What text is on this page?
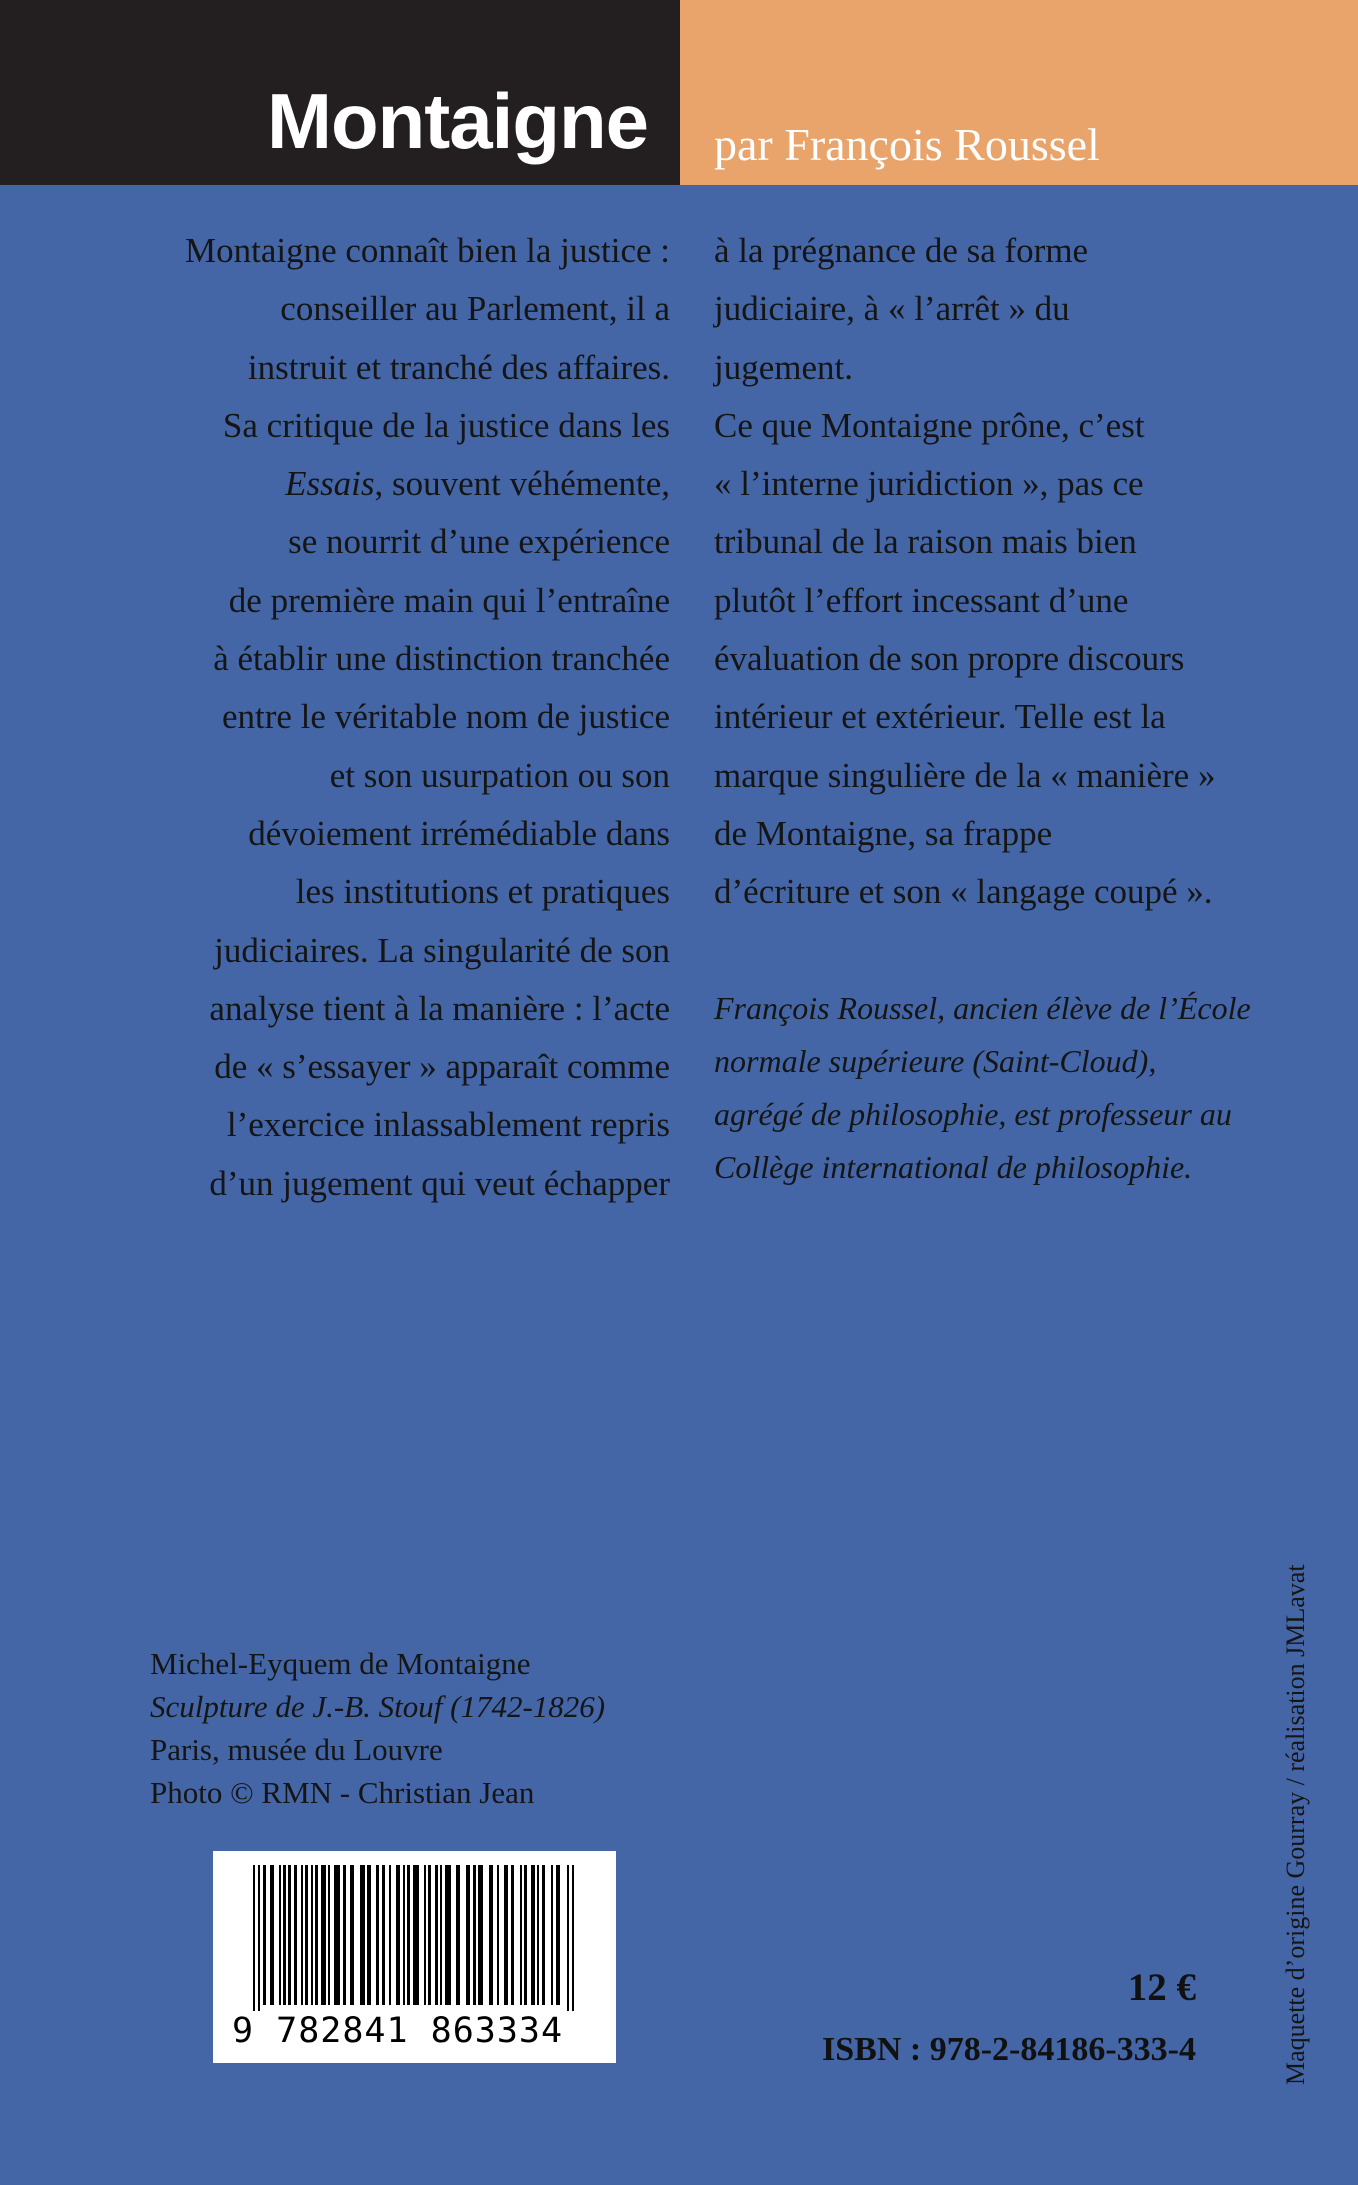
Montaigne par François Roussel
Montaigne connaît bien la justice :
conseiller au Parlement, il a
instruit et tranché des affaires.
Sa critique de la justice dans les
Essais, souvent véhémente,
se nourrit d’une expérience
de première main qui l’entraîne
à établir une distinction tranchée
entre le véritable nom de justice
et son usurpation ou son
dévoiement irrémédiable dans
les institutions et pratiques
judiciaires. La singularité de son
analyse tient à la manière : l’acte
de « s’essayer » apparaît comme
l’exercice inlassablement repris
d’un jugement qui veut échapper
à la prégnance de sa forme
judiciaire, à « l’arrêt » du
jugement.
Ce que Montaigne prône, c’est
« l’interne juridiction », pas ce
tribunal de la raison mais bien
plutôt l’effort incessant d’une
évaluation de son propre discours
intérieur et extérieur. Telle est la
marque singulière de la « manière »
de Montaigne, sa frappe
d’écriture et son « langage coupé ».
François Roussel, ancien élève de l’École
normale supérieure (Saint-Cloud),
agrégé de philosophie, est professeur au
Collège international de philosophie.
Michel-Eyquem de Montaigne
Sculpture de J.-B. Stouf (1742-1826)
Paris, musée du Louvre
Photo © RMN - Christian Jean
9 782841 863334
12 €
ISBN : 978-2-84186-333-4	Maquette d’origine Gourray / réalisation JMLavat
